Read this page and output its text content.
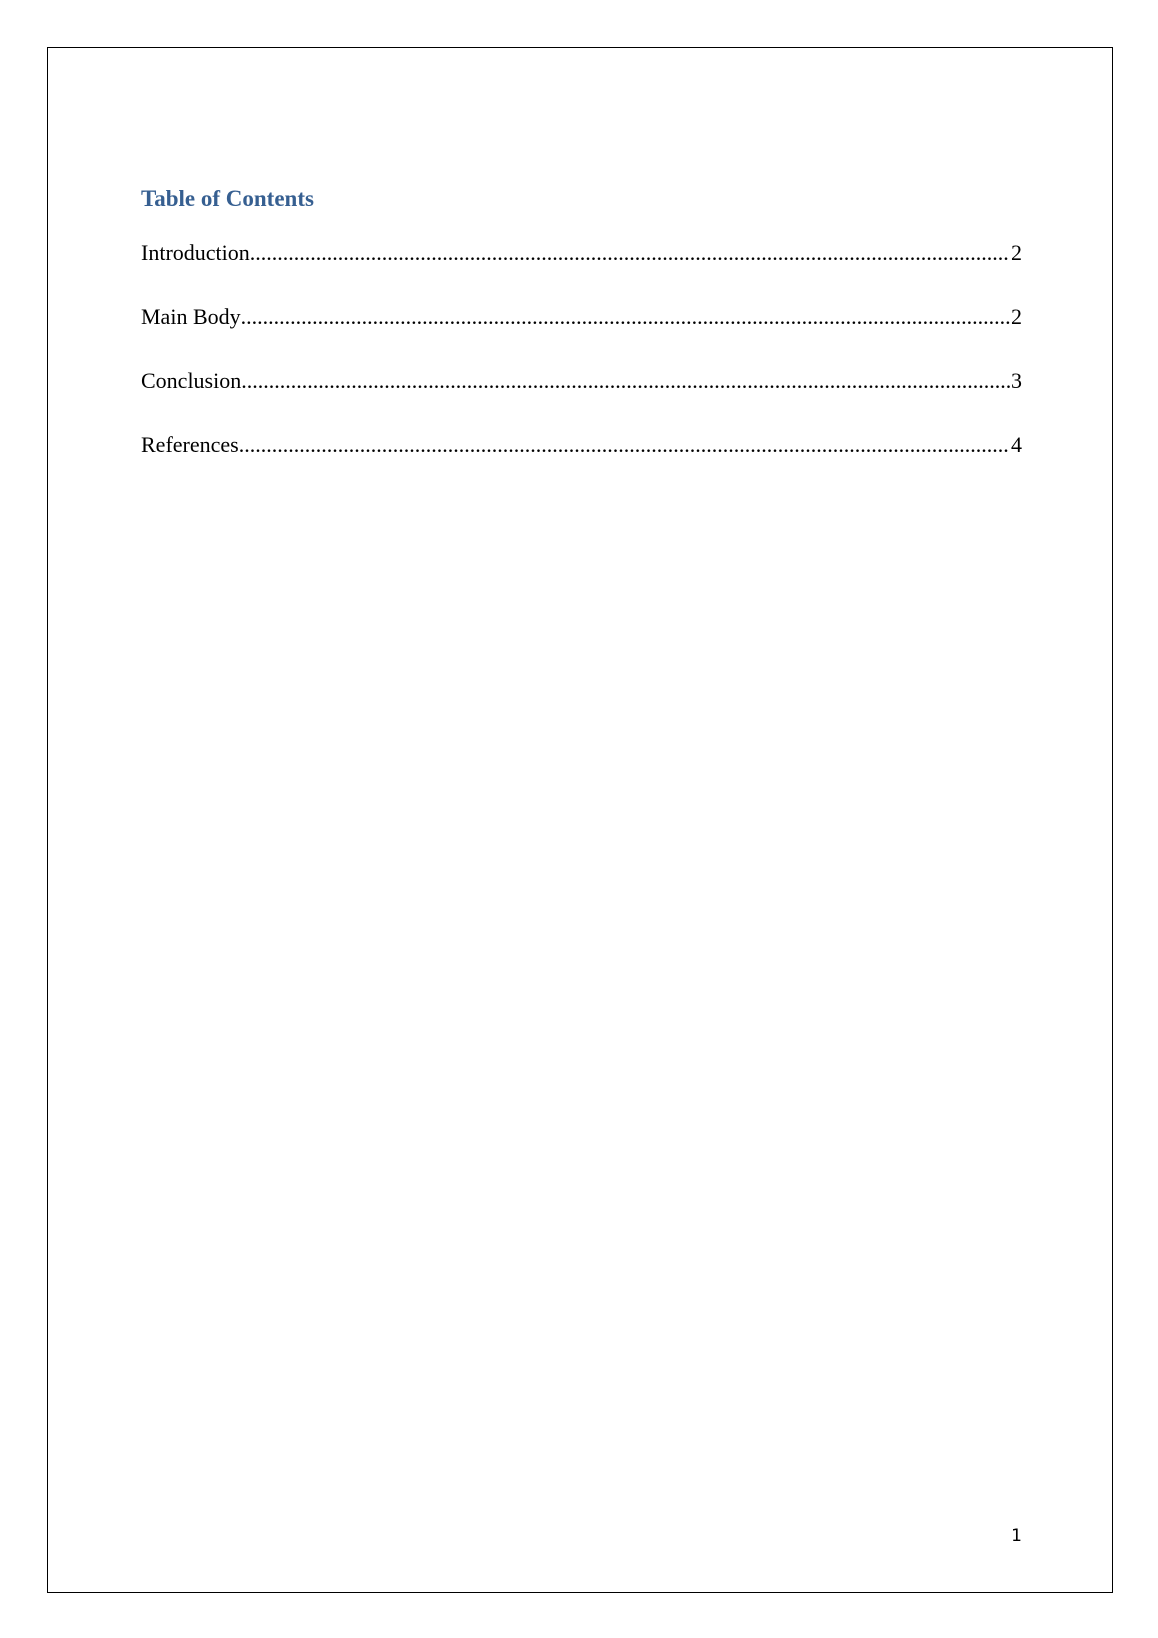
Table of Contents
Introduction .....	2
Main Body .....	2
Conclusion .....	3
References .....	4
1
